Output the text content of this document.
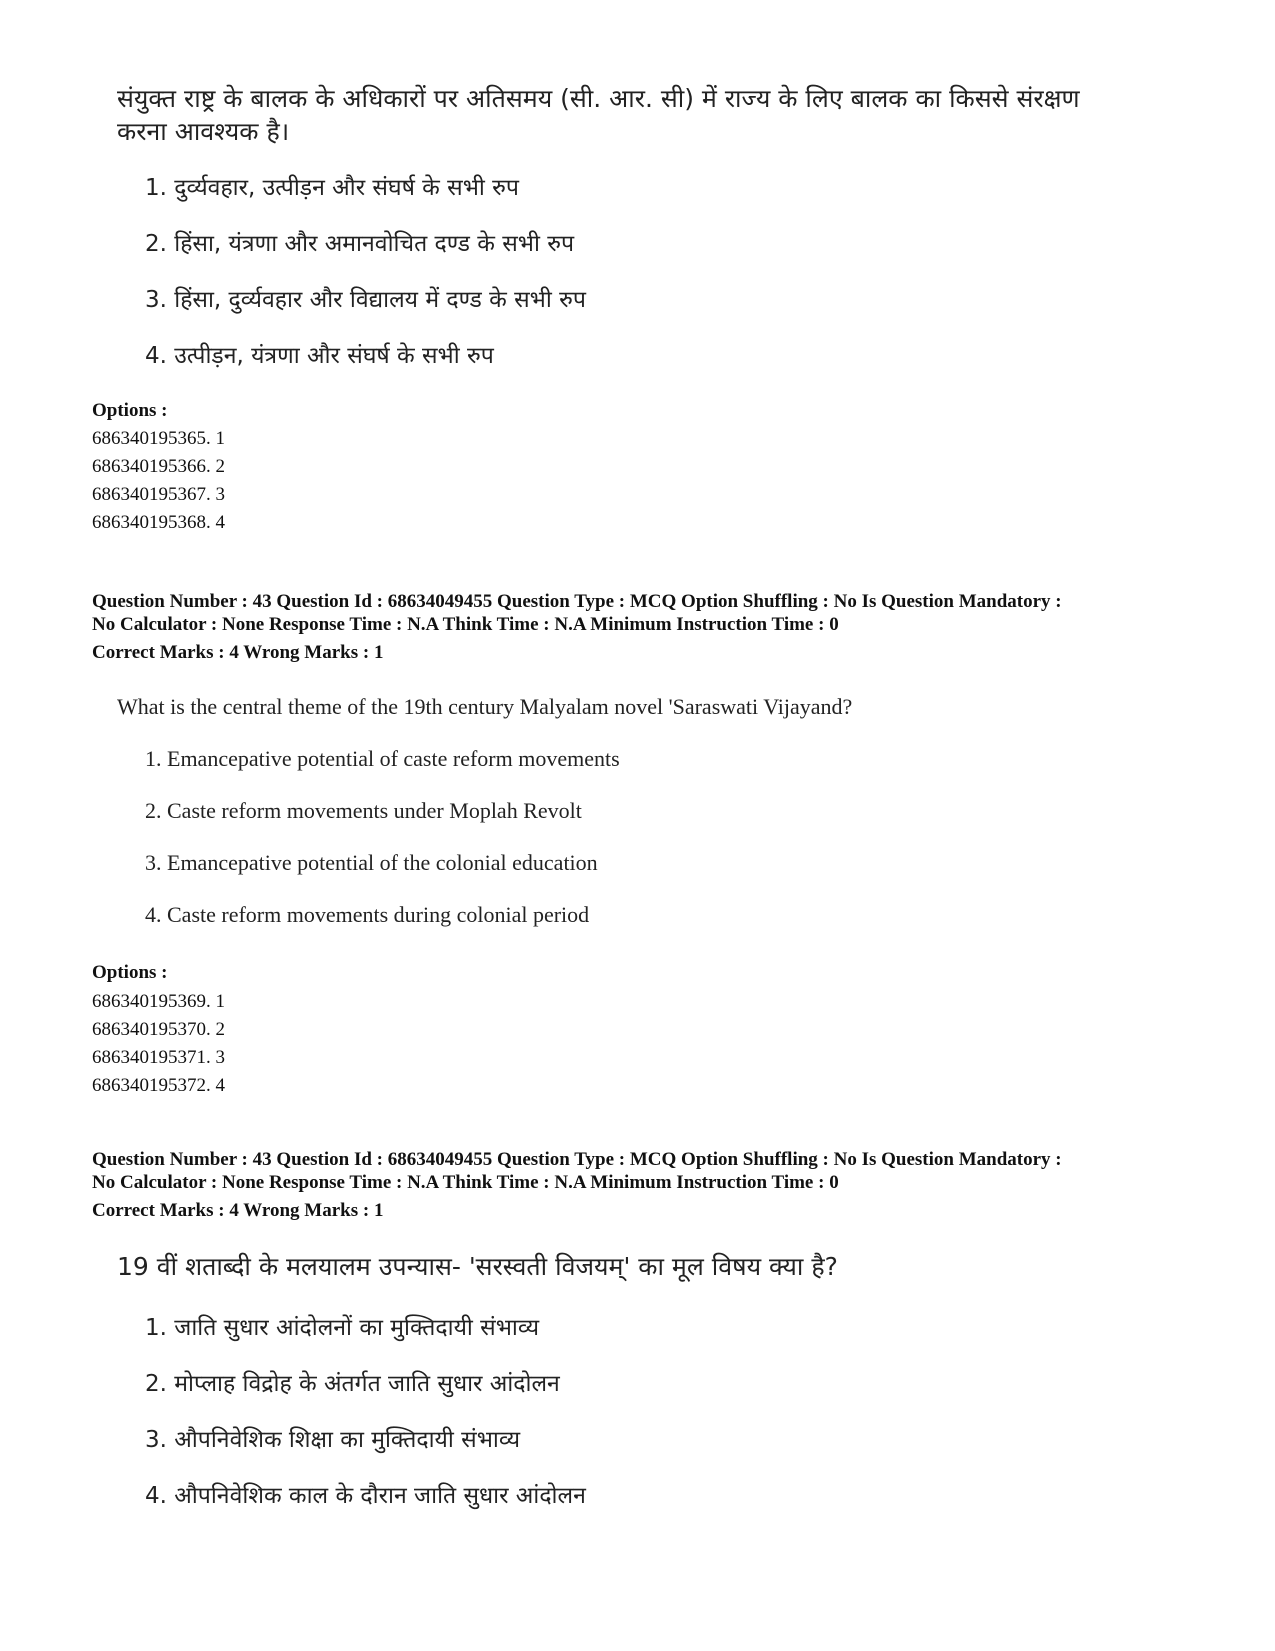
संयुक्त राष्ट्र के बालक के अधिकारों पर अतिसमय (सी. आर. सी) में राज्य के लिए बालक का किससे संरक्षण करना आवश्यक है।

1. दुर्व्यवहार, उत्पीड़न और संघर्ष के सभी रुप

2. हिंसा, यंत्रणा और अमानवोचित दण्ड के सभी रुप

3. हिंसा, दुर्व्यवहार और विद्यालय में दण्ड के सभी रुप

4. उत्पीड़न, यंत्रणा और संघर्ष के सभी रुप

Options :

686340195365. 1

686340195366. 2

686340195367. 3

686340195368. 4

Question Number : 43 Question Id : 68634049455 Question Type : MCQ Option Shuffling : No Is Question Mandatory :

No Calculator : None Response Time : N.A Think Time : N.A Minimum Instruction Time : 0

Correct Marks : 4 Wrong Marks : 1

What is the central theme of the 19th century Malyalam novel 'Saraswati Vijayand?

1. Emancepative potential of caste reform movements

2. Caste reform movements under Moplah Revolt

3. Emancepative potential of the colonial education

4. Caste reform movements during colonial period

Options :

686340195369. 1

686340195370. 2

686340195371. 3

686340195372. 4

Question Number : 43 Question Id : 68634049455 Question Type : MCQ Option Shuffling : No Is Question Mandatory :

No Calculator : None Response Time : N.A Think Time : N.A Minimum Instruction Time : 0

Correct Marks : 4 Wrong Marks : 1

19 वीं शताब्दी के मलयालम उपन्यास- 'सरस्वती विजयम्' का मूल विषय क्या है?

1. जाति सुधार आंदोलनों का मुक्तिदायी संभाव्य

2. मोप्लाह विद्रोह के अंतर्गत जाति सुधार आंदोलन

3. औपनिवेशिक शिक्षा का मुक्तिदायी संभाव्य

4. औपनिवेशिक काल के दौरान जाति सुधार आंदोलन
